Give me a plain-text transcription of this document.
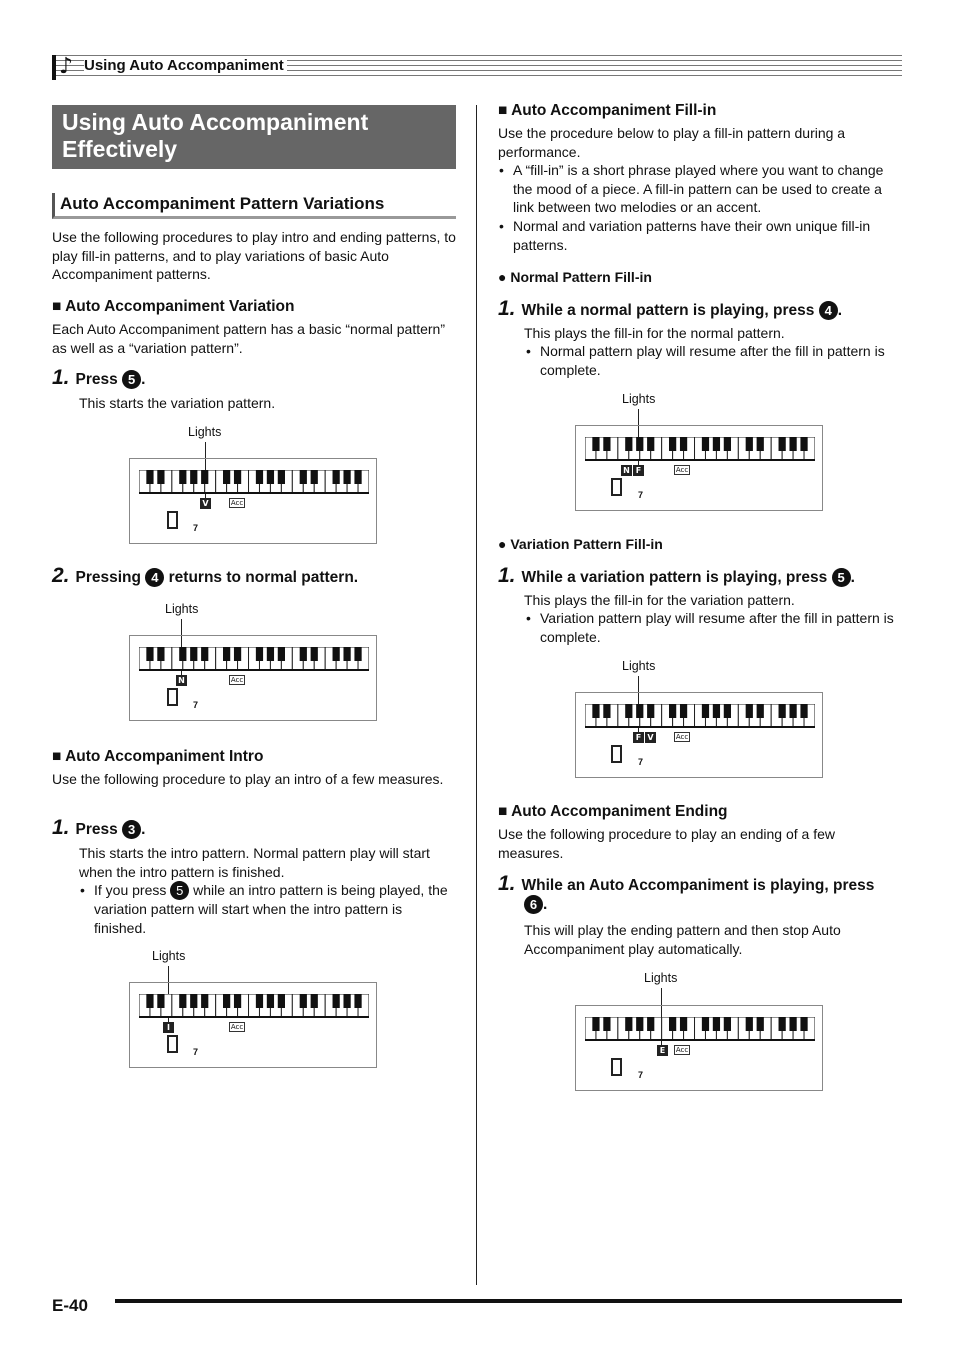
♪ Using Auto Accompaniment
Using Auto Accompaniment Effectively
Auto Accompaniment Pattern Variations

Use the following procedures to play intro and ending patterns, to play fill-in patterns, and to play variations of basic Auto Accompaniment patterns.

■ Auto Accompaniment Variation

Each Auto Accompaniment pattern has a basic “normal pattern” as well as a “variation pattern”.

1. Press 5 .

This starts the variation pattern.

Lights
V	Acc
7
2. Pressing 4 returns to normal pattern.
Lights
N	Acc
7
■ Auto Accompaniment Intro

Use the following procedure to play an intro of a few measures.

1. Press 3 .

This starts the intro pattern. Normal pattern play will start when the intro pattern is finished.

• If you press 5 while an intro pattern is being played, the variation pattern will start when the intro pattern is finished.

Lights
I	Acc
7
■ Auto Accompaniment Fill-in

Use the procedure below to play a fill-in pattern during a performance.

• A “fill-in” is a short phrase played where you want to change the mood of a piece. A fill-in pattern can be used to create a link between two melodies or an accent.

• Normal and variation patterns have their own unique fill-in patterns.

● Normal Pattern Fill-in
1. While a normal pattern is playing, press 4 .

This plays the fill-in for the normal pattern.

• Normal pattern play will resume after the fill in pattern is complete.

Lights
N F	Acc
7
● Variation Pattern Fill-in
1. While a variation pattern is playing, press 5 .

This plays the fill-in for the variation pattern.

• Variation pattern play will resume after the fill in pattern is complete.

Lights
F V	Acc
7
■ Auto Accompaniment Ending

Use the following procedure to play an ending of a few measures.

1. While an Auto Accompaniment is playing, press 6 .

This will play the ending pattern and then stop Auto Accompaniment play automatically.

Lights
E	Acc
7
E-40
